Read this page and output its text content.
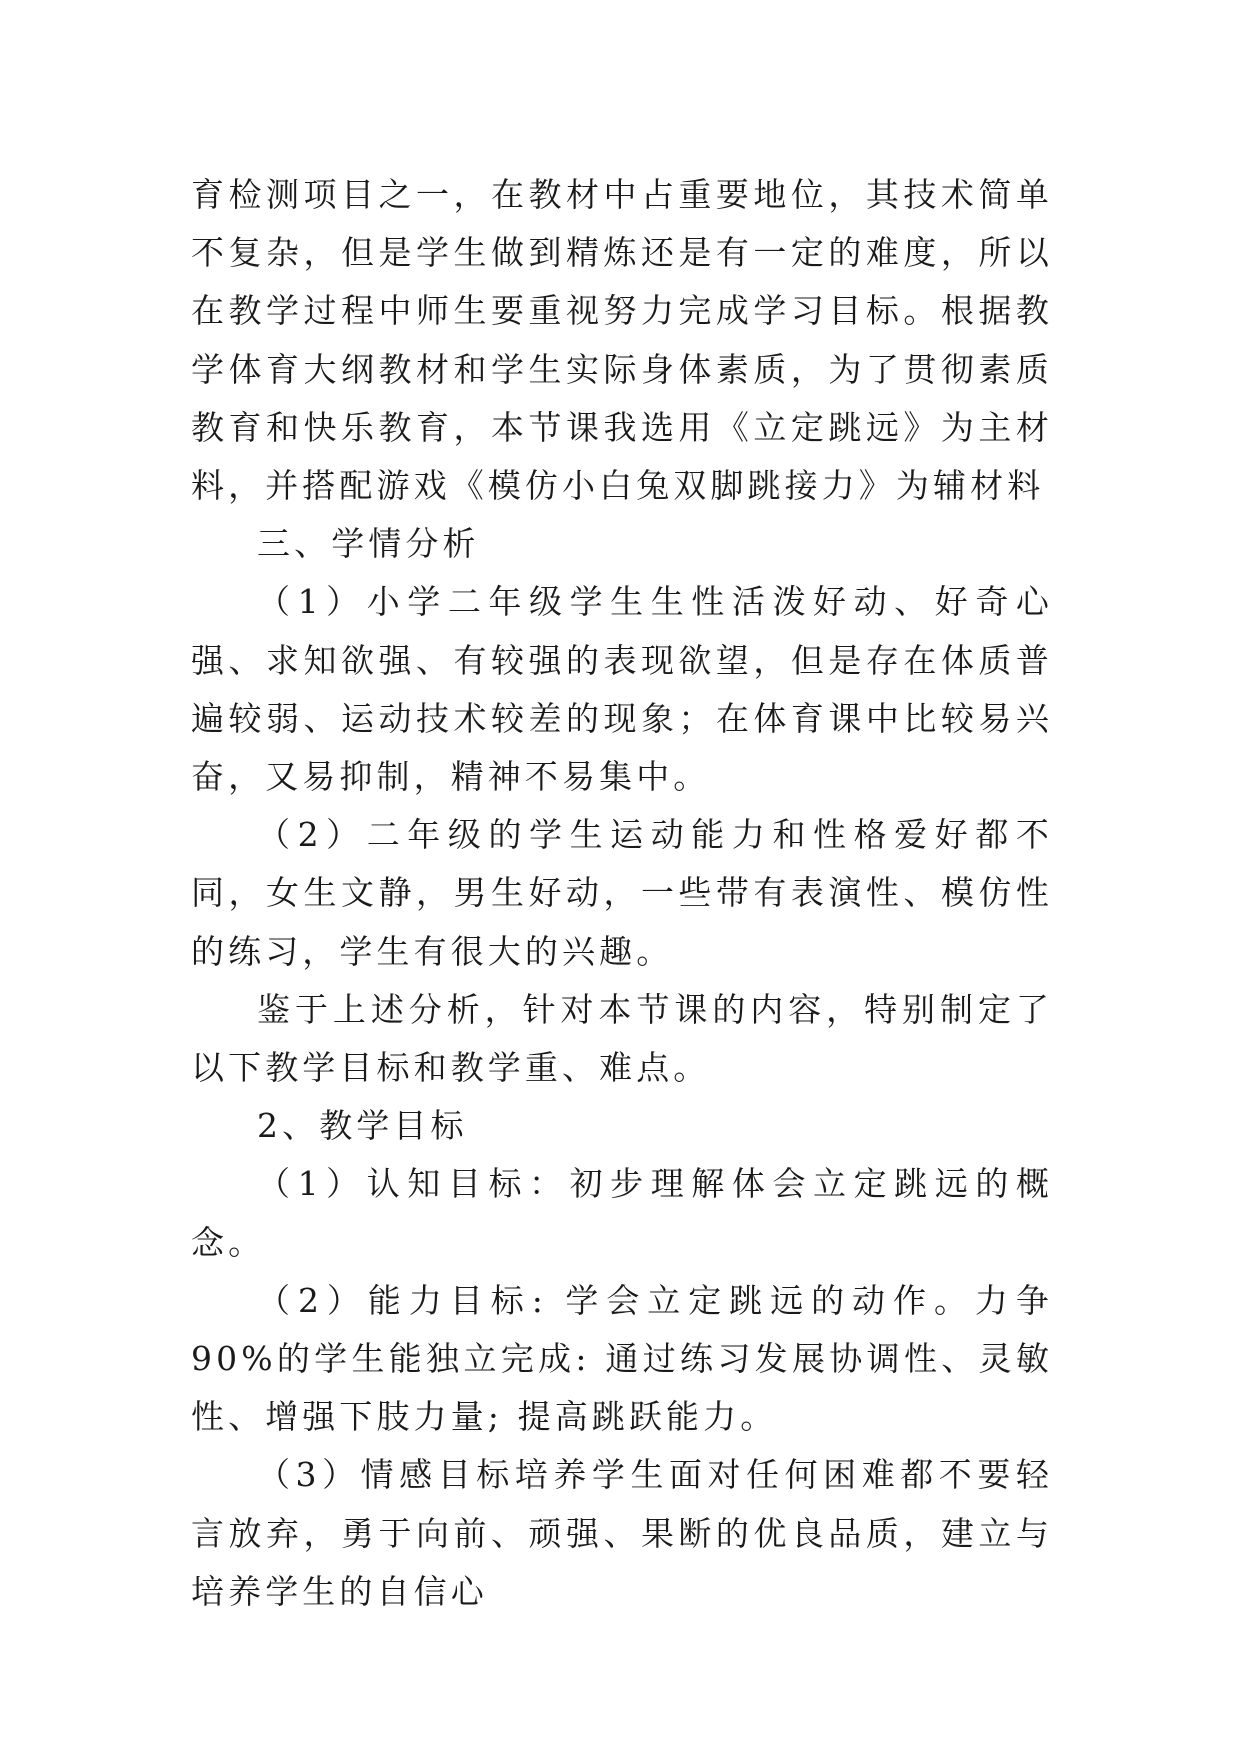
育检测项目之一，在教材中占重要地位，其技术简单不复杂，但是学生做到精炼还是有一定的难度，所以在教学过程中师生要重视努力完成学习目标。根据教学体育大纲教材和学生实际身体素质，为了贯彻素质教育和快乐教育，本节课我选用《立定跳远》为主材料，并搭配游戏《模仿小白兔双脚跳接力》为辅材料

三、学情分析

（1）小学二年级学生生性活泼好动、好奇心强、求知欲强、有较强的表现欲望，但是存在体质普遍较弱、运动技术较差的现象；在体育课中比较易兴奋，又易抑制，精神不易集中。

（2）二年级的学生运动能力和性格爱好都不同，女生文静，男生好动，一些带有表演性、模仿性的练习，学生有很大的兴趣。

鉴于上述分析，针对本节课的内容，特别制定了以下教学目标和教学重、难点。

2、教学目标

（1）认知目标：初步理解体会立定跳远的概念。

（2）能力目标: 学会立定跳远的动作。力争 90%的学生能独立完成: 通过练习发展协调性、灵敏性、增强下肢力量; 提高跳跃能力。

（3）情感目标培养学生面对任何困难都不要轻言放弃，勇于向前、顽强、果断的优良品质，建立与培养学生的自信心
